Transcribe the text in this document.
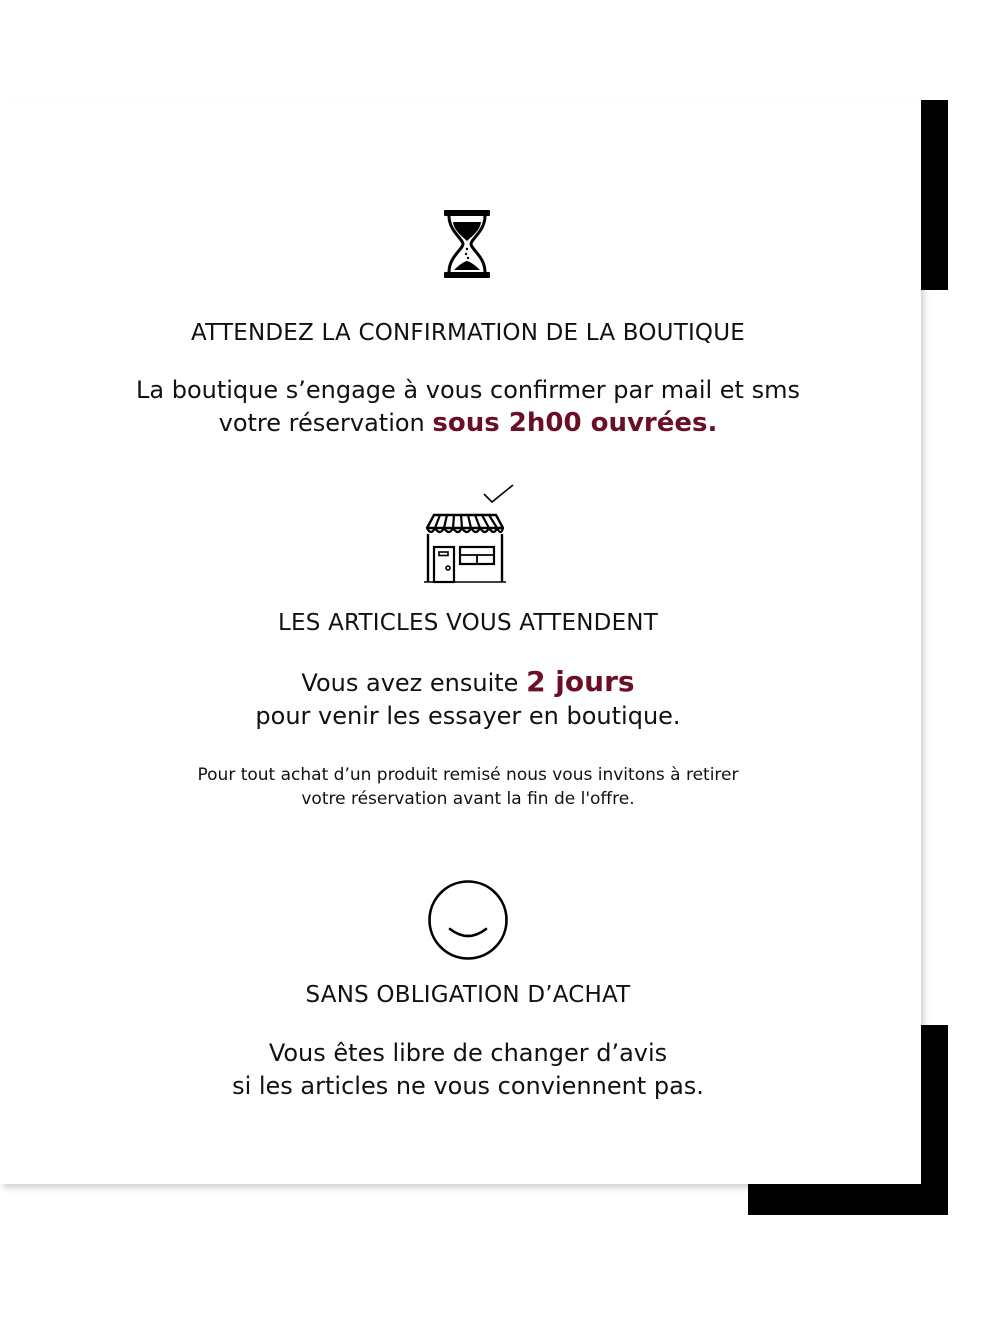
ATTENDEZ LA CONFIRMATION DE LA BOUTIQUE

La boutique s’engage à vous confirmer par mail et sms
votre réservation sous 2h00 ouvrées.

LES ARTICLES VOUS ATTENDENT

Vous avez ensuite 2 jours
pour venir les essayer en boutique.

Pour tout achat d’un produit remisé nous vous invitons à retirer
votre réservation avant la fin de l'offre.

SANS OBLIGATION D’ACHAT

Vous êtes libre de changer d’avis
si les articles ne vous conviennent pas.
